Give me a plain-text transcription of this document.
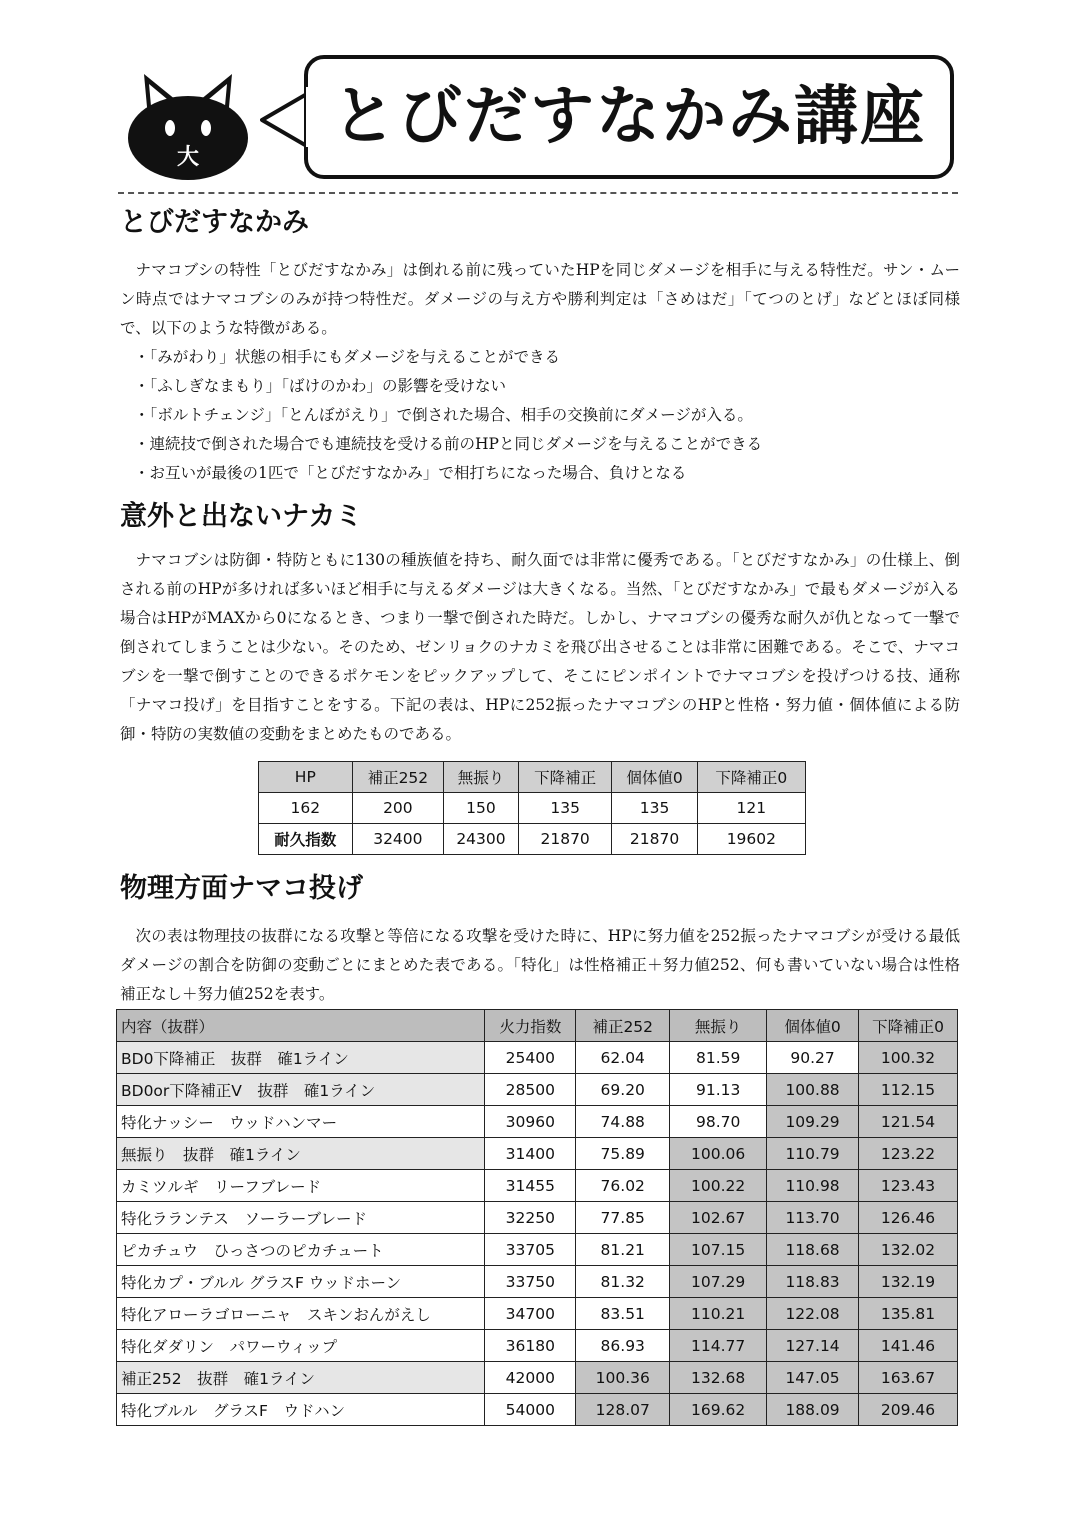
大
とびだすなかみ講座
とびだすなかみ

ナマコブシの特性「とびだすなかみ」は倒れる前に残っていたHPを同じダメージを相手に与える特性だ。サン・ムーン時点ではナマコブシのみが持つ特性だ。ダメージの与え方や勝利判定は「さめはだ」「てつのとげ」などとほぼ同様で、以下のような特徴がある。

・ 「みがわり」状態の相手にもダメージを与えることができる
・ 「ふしぎなまもり」「ばけのかわ」の影響を受けない
・ 「ボルトチェンジ」「とんぼがえり」で倒された場合、相手の交換前にダメージが入る。
・ 連続技で倒された場合でも連続技を受ける前のHPと同じダメージを与えることができる
・ お互いが最後の1匹で「とびだすなかみ」で相打ちになった場合、負けとなる
意外と出ないナカミ

ナマコブシは防御・特防ともに130の種族値を持ち、耐久面では非常に優秀である。「とびだすなかみ」の仕様上、倒される前のHPが多ければ多いほど相手に与えるダメージは大きくなる。当然、「とびだすなかみ」で最もダメージが入る場合はHPがMAXから0になるとき、つまり一撃で倒された時だ。しかし、ナマコブシの優秀な耐久が仇となって一撃で倒されてしまうことは少ない。そのため、ゼンリョクのナカミを飛び出させることは非常に困難である。そこで、ナマコブシを一撃で倒すことのできるポケモンをピックアップして、そこにピンポイントでナマコブシを投げつける技、通称「ナマコ投げ」を目指すことをする。下記の表は、HPに252振ったナマコブシのHPと性格・努力値・個体値による防御・特防の実数値の変動をまとめたものである。

HP	補正252	無振り	下降補正	個体値0	下降補正0
162	200	150	135	135	121
耐久指数	32400	24300	21870	21870	19602
物理方面ナマコ投げ

次の表は物理技の抜群になる攻撃と等倍になる攻撃を受けた時に、HPに努力値を252振ったナマコブシが受ける最低ダメージの割合を防御の変動ごとにまとめた表である。「特化」は性格補正＋努力値252、何も書いていない場合は性格補正なし＋努力値252を表す。

内容（抜群）	火力指数	補正252	無振り	個体値0	下降補正0
BD0下降補正　抜群　確1ライン	25400	62.04	81.59	90.27	100.32
BD0or下降補正V　抜群　確1ライン	28500	69.20	91.13	100.88	112.15
特化ナッシー　ウッドハンマー	30960	74.88	98.70	109.29	121.54
無振り　抜群　確1ライン	31400	75.89	100.06	110.79	123.22
カミツルギ　リーフブレード	31455	76.02	100.22	110.98	123.43
特化ラランテス　ソーラーブレード	32250	77.85	102.67	113.70	126.46
ピカチュウ　ひっさつのピカチュート	33705	81.21	107.15	118.68	132.02
特化カプ・ブルル グラスF ウッドホーン	33750	81.32	107.29	118.83	132.19
特化アローラゴローニャ　スキンおんがえし	34700	83.51	110.21	122.08	135.81
特化ダダリン　パワーウィップ	36180	86.93	114.77	127.14	141.46
補正252　抜群　確1ライン	42000	100.36	132.68	147.05	163.67
特化ブルル　グラスF　ウドハン	54000	128.07	169.62	188.09	209.46
